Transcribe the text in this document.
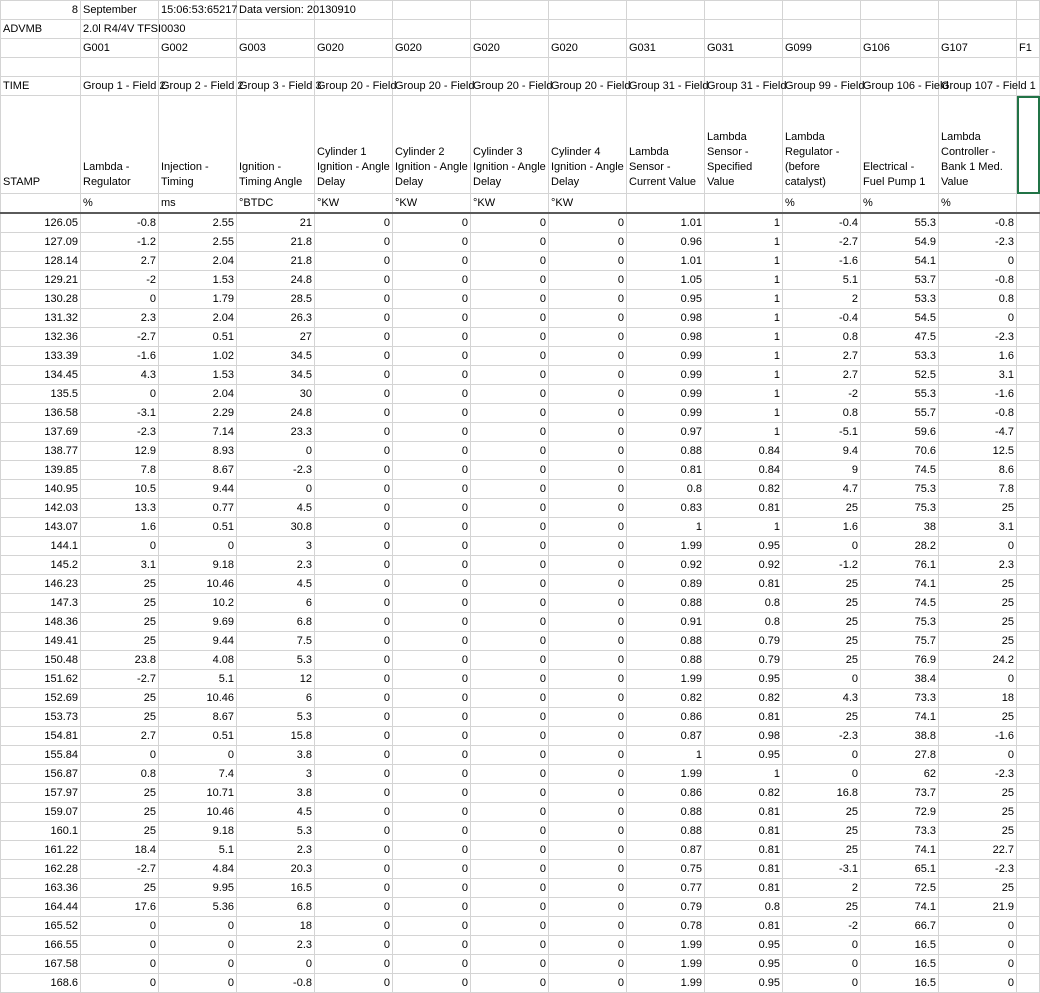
8	September	15:06:53:65217	Data version: 20130910										
ADVMB	2.0l R4/4V TFSI	0030											
	G001	G002	G003	G020	G020	G020	G020	G031	G031	G099	G106	G107	F1

TIME	Group 1 - Field 2	Group 2 - Field 2	Group 3 - Field 3	Group 20 - Field	Group 20 - Field	Group 20 - Field	Group 20 - Field	Group 31 - Field	Group 31 - Field	Group 99 - Field	Group 106 - Field	Group 107 - Field 1	
STAMP	Lambda - Regulator	Injection - Timing	Ignition - Timing Angle	Cylinder 1 Ignition - Angle Delay	Cylinder 2 Ignition - Angle Delay	Cylinder 3 Ignition - Angle Delay	Cylinder 4 Ignition - Angle Delay	Lambda Sensor - Current Value	Lambda Sensor - Specified Value	Lambda Regulator - (before catalyst)	Electrical - Fuel Pump 1	Lambda Controller - Bank 1 Med. Value	
	%	ms	°BTDC	°KW	°KW	°KW	°KW			%	%	%	
126.05	-0.8	2.55	21	0	0	0	0	1.01	1	-0.4	55.3	-0.8	
127.09	-1.2	2.55	21.8	0	0	0	0	0.96	1	-2.7	54.9	-2.3	
128.14	2.7	2.04	21.8	0	0	0	0	1.01	1	-1.6	54.1	0	
129.21	-2	1.53	24.8	0	0	0	0	1.05	1	5.1	53.7	-0.8	
130.28	0	1.79	28.5	0	0	0	0	0.95	1	2	53.3	0.8	
131.32	2.3	2.04	26.3	0	0	0	0	0.98	1	-0.4	54.5	0	
132.36	-2.7	0.51	27	0	0	0	0	0.98	1	0.8	47.5	-2.3	
133.39	-1.6	1.02	34.5	0	0	0	0	0.99	1	2.7	53.3	1.6	
134.45	4.3	1.53	34.5	0	0	0	0	0.99	1	2.7	52.5	3.1	
135.5	0	2.04	30	0	0	0	0	0.99	1	-2	55.3	-1.6	
136.58	-3.1	2.29	24.8	0	0	0	0	0.99	1	0.8	55.7	-0.8	
137.69	-2.3	7.14	23.3	0	0	0	0	0.97	1	-5.1	59.6	-4.7	
138.77	12.9	8.93	0	0	0	0	0	0.88	0.84	9.4	70.6	12.5	
139.85	7.8	8.67	-2.3	0	0	0	0	0.81	0.84	9	74.5	8.6	
140.95	10.5	9.44	0	0	0	0	0	0.8	0.82	4.7	75.3	7.8	
142.03	13.3	0.77	4.5	0	0	0	0	0.83	0.81	25	75.3	25	
143.07	1.6	0.51	30.8	0	0	0	0	1	1	1.6	38	3.1	
144.1	0	0	3	0	0	0	0	1.99	0.95	0	28.2	0	
145.2	3.1	9.18	2.3	0	0	0	0	0.92	0.92	-1.2	76.1	2.3	
146.23	25	10.46	4.5	0	0	0	0	0.89	0.81	25	74.1	25	
147.3	25	10.2	6	0	0	0	0	0.88	0.8	25	74.5	25	
148.36	25	9.69	6.8	0	0	0	0	0.91	0.8	25	75.3	25	
149.41	25	9.44	7.5	0	0	0	0	0.88	0.79	25	75.7	25	
150.48	23.8	4.08	5.3	0	0	0	0	0.88	0.79	25	76.9	24.2	
151.62	-2.7	5.1	12	0	0	0	0	1.99	0.95	0	38.4	0	
152.69	25	10.46	6	0	0	0	0	0.82	0.82	4.3	73.3	18	
153.73	25	8.67	5.3	0	0	0	0	0.86	0.81	25	74.1	25	
154.81	2.7	0.51	15.8	0	0	0	0	0.87	0.98	-2.3	38.8	-1.6	
155.84	0	0	3.8	0	0	0	0	1	0.95	0	27.8	0	
156.87	0.8	7.4	3	0	0	0	0	1.99	1	0	62	-2.3	
157.97	25	10.71	3.8	0	0	0	0	0.86	0.82	16.8	73.7	25	
159.07	25	10.46	4.5	0	0	0	0	0.88	0.81	25	72.9	25	
160.1	25	9.18	5.3	0	0	0	0	0.88	0.81	25	73.3	25	
161.22	18.4	5.1	2.3	0	0	0	0	0.87	0.81	25	74.1	22.7	
162.28	-2.7	4.84	20.3	0	0	0	0	0.75	0.81	-3.1	65.1	-2.3	
163.36	25	9.95	16.5	0	0	0	0	0.77	0.81	2	72.5	25	
164.44	17.6	5.36	6.8	0	0	0	0	0.79	0.8	25	74.1	21.9	
165.52	0	0	18	0	0	0	0	0.78	0.81	-2	66.7	0	
166.55	0	0	2.3	0	0	0	0	1.99	0.95	0	16.5	0	
167.58	0	0	0	0	0	0	0	1.99	0.95	0	16.5	0	
168.6	0	0	-0.8	0	0	0	0	1.99	0.95	0	16.5	0	
